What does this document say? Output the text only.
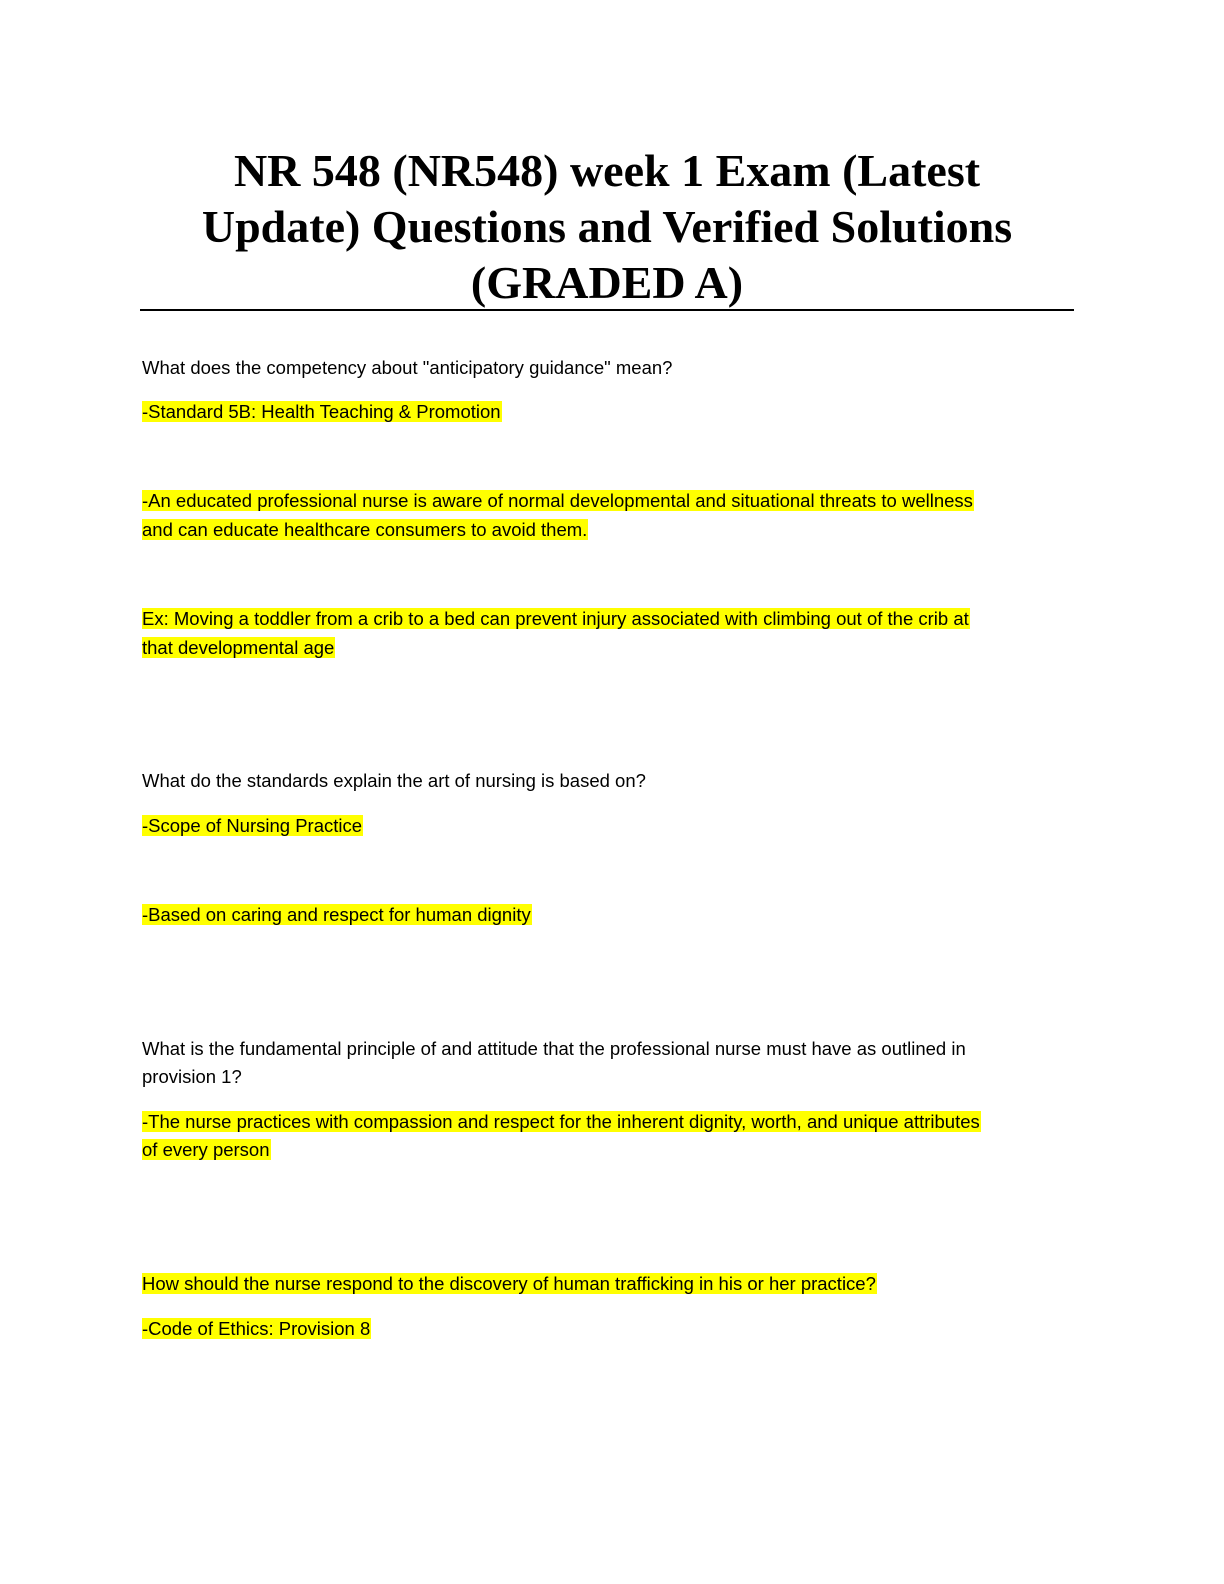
NR 548 (NR548) week 1 Exam (Latest
Update) Questions and Verified Solutions
(GRADED A)

What does the competency about "anticipatory guidance" mean?

-Standard 5B: Health Teaching & Promotion

-An educated professional nurse is aware of normal developmental and situational threats to wellness

and can educate healthcare consumers to avoid them.

Ex: Moving a toddler from a crib to a bed can prevent injury associated with climbing out of the crib at

that developmental age

What do the standards explain the art of nursing is based on?

-Scope of Nursing Practice

-Based on caring and respect for human dignity

What is the fundamental principle of and attitude that the professional nurse must have as outlined in

provision 1?

-The nurse practices with compassion and respect for the inherent dignity, worth, and unique attributes

of every person

How should the nurse respond to the discovery of human trafficking in his or her practice?

-Code of Ethics: Provision 8
